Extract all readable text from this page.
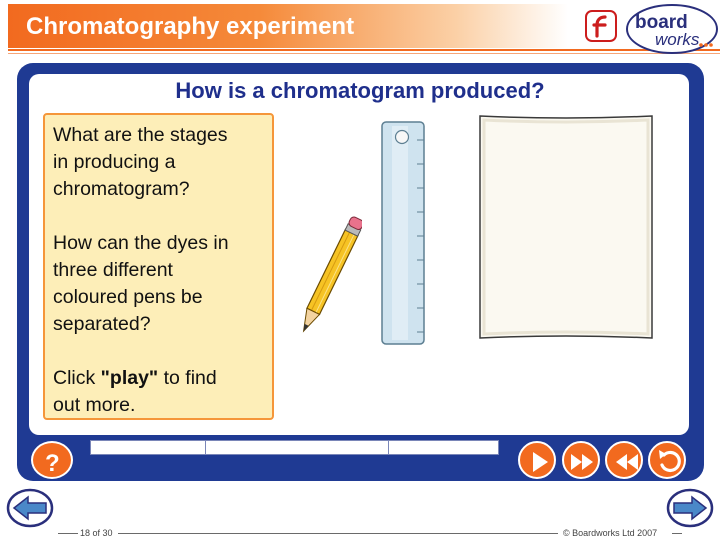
Chromatography experiment	board
works
How is a chromatogram produced?

What are the stages

in producing a

chromatogram?

How can the dyes in

three different

coloured pens be

separated?

Click "play" to find

out more.

?
18 of 30	© Boardworks Ltd 2007
